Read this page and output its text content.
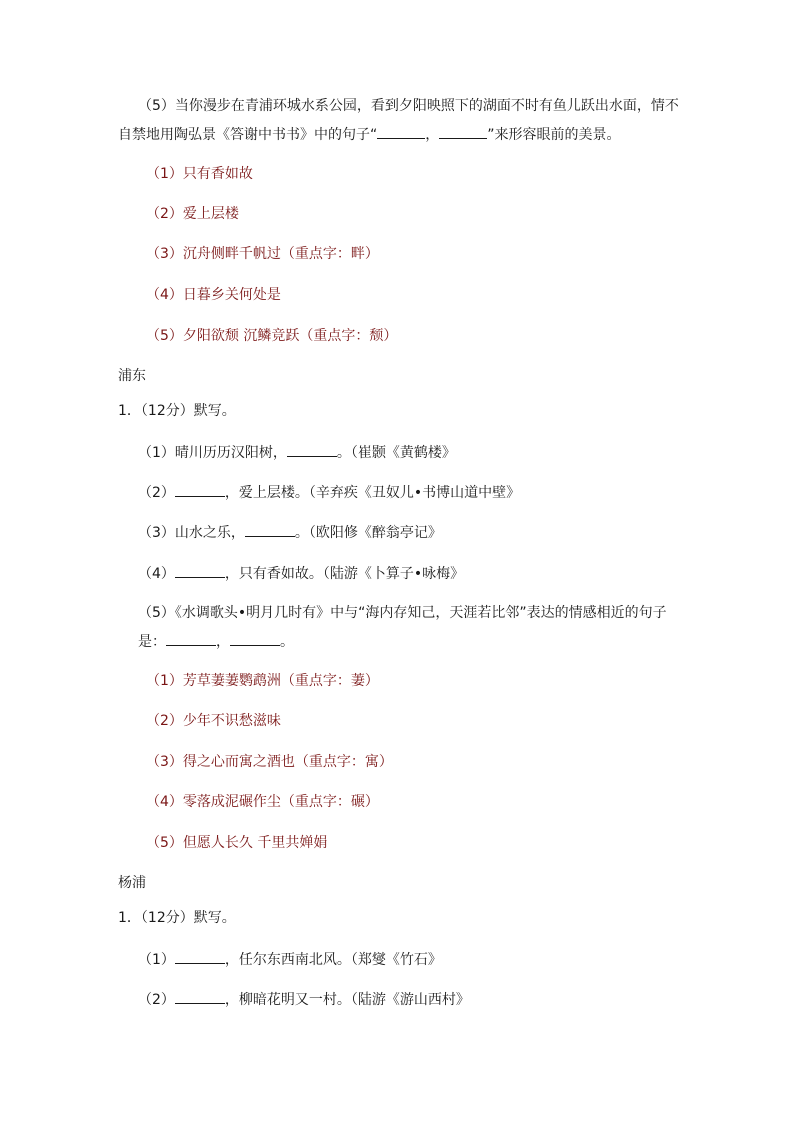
（5）当你漫步在青浦环城水系公园，看到夕阳映照下的湖面不时有鱼儿跃出水面，情不
自禁地用陶弘景《答谢中书书》中的句子“	，	”来形容眼前的美景。
（1）只有香如故
（2）爱上层楼
（3）沉舟侧畔千帆过（重点字：畔）
（4）日暮乡关何处是
（5）夕阳欲颓 沉鳞竞跃（重点字：颓）
浦东
1．（12分）默写。
（1）晴川历历汉阳树，	。（崔颢《黄鹤楼》
（2）	，爱上层楼。（辛弃疾《丑奴儿•书博山道中壁》
（3）山水之乐，	。（欧阳修《醉翁亭记》
（4）	，只有香如故。（陆游《卜算子•咏梅》
（5）《水调歌头•明月几时有》中与“海内存知己，天涯若比邻”表达的情感相近的句子
是：	，	。
（1）芳草萋萋鹦鹉洲（重点字：萋）
（2）少年不识愁滋味
（3）得之心而寓之酒也（重点字：寓）
（4）零落成泥碾作尘（重点字：碾）
（5）但愿人长久 千里共婵娟
杨浦
1．（12分）默写。
（1）	，任尔东西南北风。（郑燮《竹石》
（2）	，柳暗花明又一村。（陆游《游山西村》
